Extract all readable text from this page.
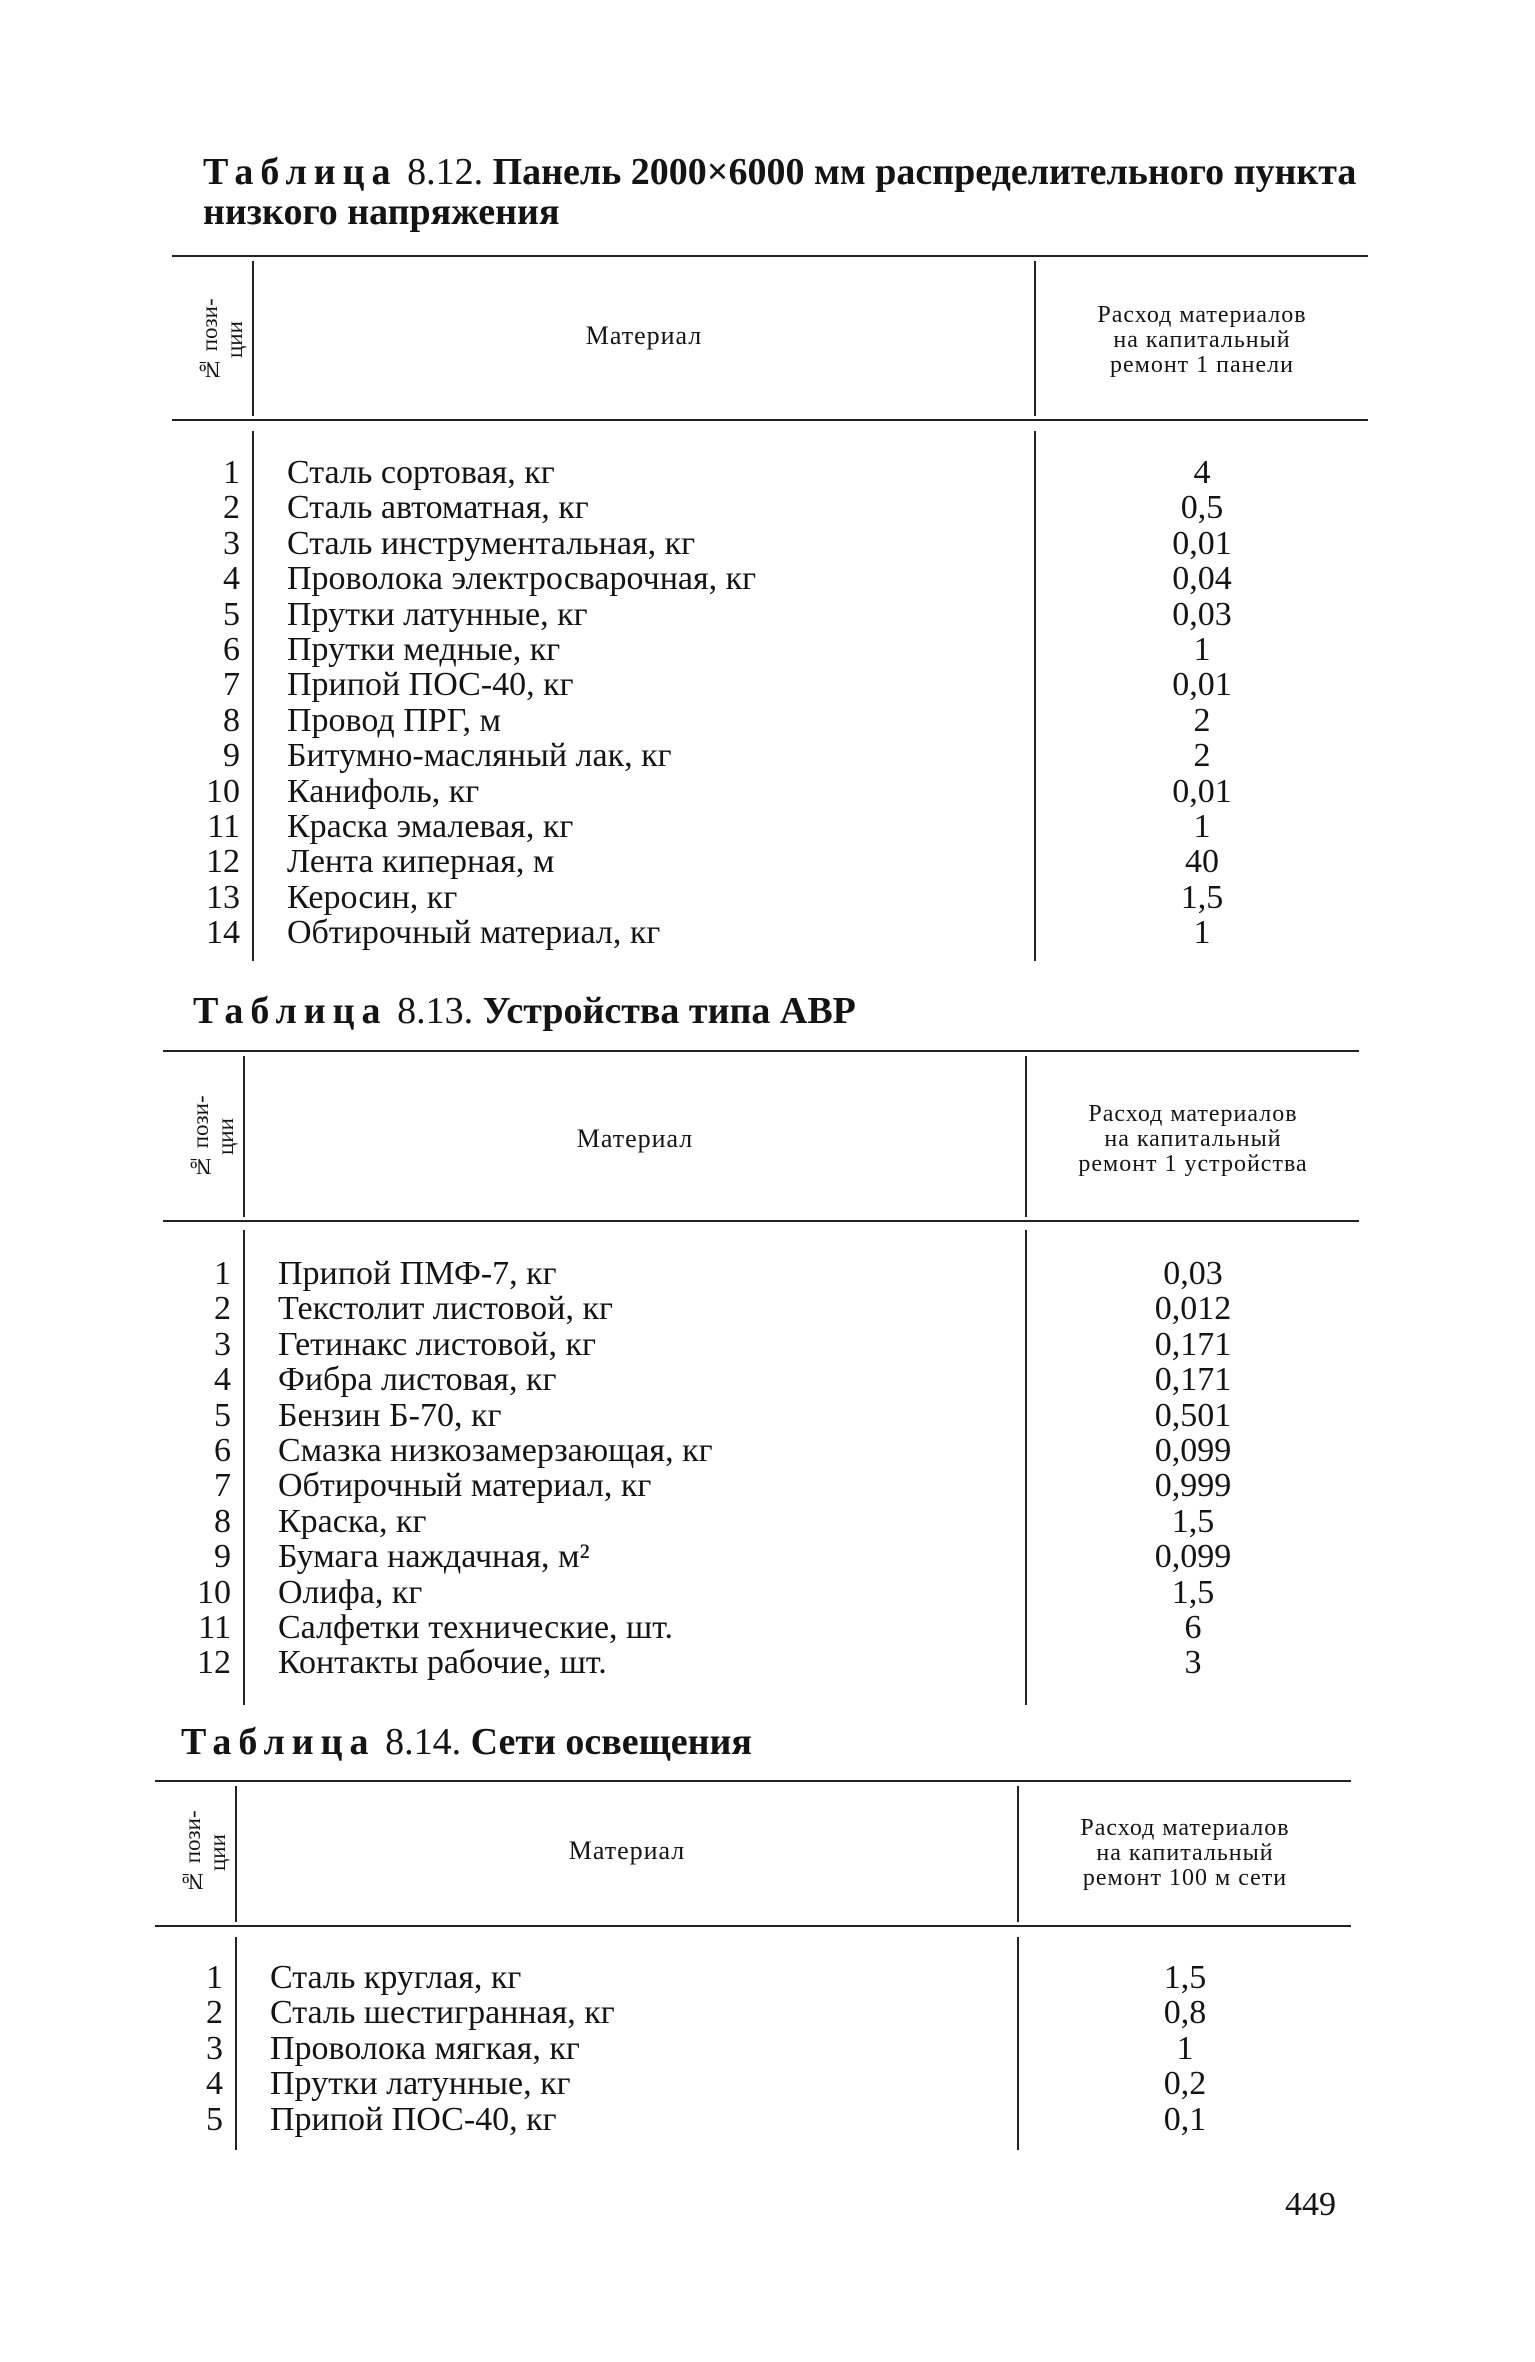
Таблица 8.12. Панель 2000×6000 мм распределительного пункта
низкого напряжения
№ пози-
ции	Материал
Расход материалов
на капитальный
ремонт 1 панели
1 Сталь сортовая, кг	4
2 Сталь автоматная, кг	0,5
3 Сталь инструментальная, кг	0,01
4 Проволока электросварочная, кг	0,04
5 Прутки латунные, кг	0,03
6 Прутки медные, кг	1
7 Припой ПОС-40, кг	0,01
8 Провод ПРГ, м	2
9 Битумно-масляный лак, кг	2
10 Канифоль, кг	0,01
11 Краска эмалевая, кг	1
12 Лента киперная, м	40
13 Керосин, кг	1,5
14 Обтирочный материал, кг	1
Таблица 8.13. Устройства типа АВР
№ пози-
ции	Материал
Расход материалов
на капитальный
ремонт 1 устройства
1 Припой ПМФ-7, кг	0,03
2 Текстолит листовой, кг	0,012
3 Гетинакс листовой, кг	0,171
4 Фибра листовая, кг	0,171
5 Бензин Б-70, кг	0,501
6 Смазка низкозамерзающая, кг	0,099
7 Обтирочный материал, кг	0,999
8 Краска, кг	1,5
9 Бумага наждачная, м²	0,099
10 Олифа, кг	1,5
11 Салфетки технические, шт.	6
12 Контакты рабочие, шт.	3
Таблица 8.14. Сети освещения
№ пози-
ции	Материал
Расход материалов
на капитальный
ремонт 100 м сети
1 Сталь круглая, кг	1,5
2 Сталь шестигранная, кг	0,8
3 Проволока мягкая, кг	1
4 Прутки латунные, кг	0,2
5 Припой ПОС-40, кг	0,1
449
